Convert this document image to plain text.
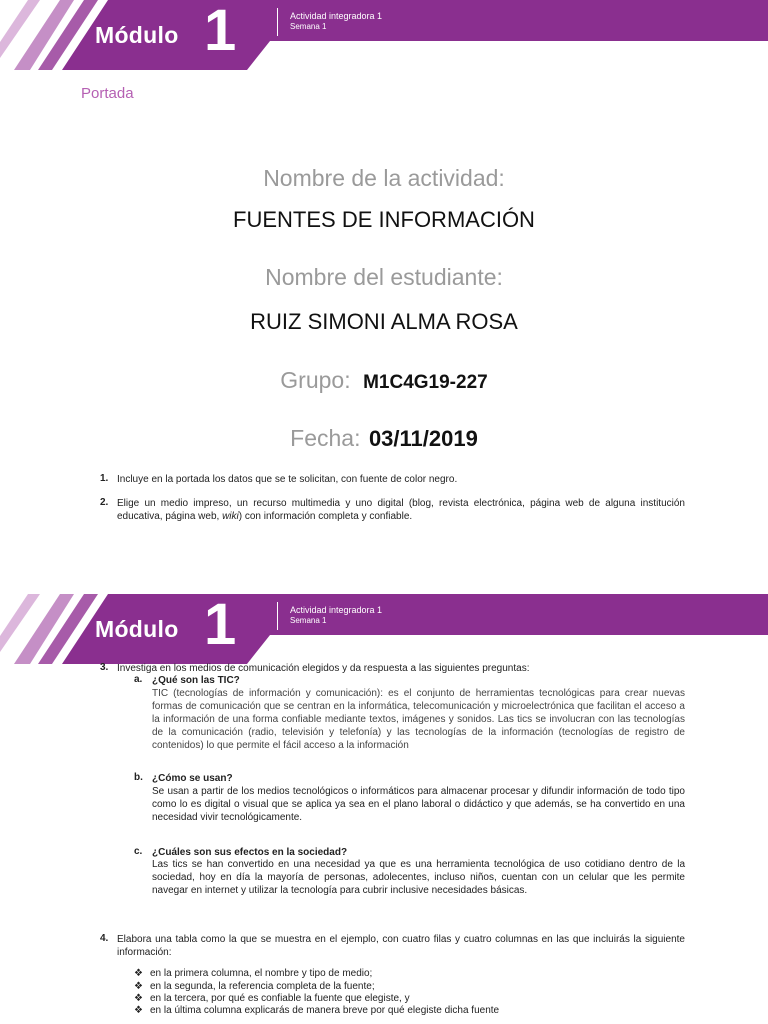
Módulo 1	Actividad integradora 1
Semana 1
Portada
Nombre de la actividad:
FUENTES DE INFORMACIÓN
Nombre del estudiante:
RUIZ SIMONI ALMA ROSA
Grupo: M1C4G19-227
Fecha: 03/11/2019
1. Incluye en la portada los datos que se te solicitan, con fuente de color negro.
2. Elige un medio impreso, un recurso multimedia y uno digital (blog, revista electrónica, página web de alguna institución educativa, página web, wiki) con información completa y confiable.
Módulo 1	Actividad integradora 1
Semana 1
3. Investiga en los medios de comunicación elegidos y da respuesta a las siguientes preguntas:
a. ¿Qué son las TIC?
TIC (tecnologías de información y comunicación): es el conjunto de herramientas tecnológicas para crear nuevas formas de comunicación que se centran en la informática, telecomunicación y microelectrónica que facilitan el acceso a la información de una forma confiable mediante textos, imágenes y sonidos. Las tics se involucran con las tecnologías de la comunicación (radio, televisión y telefonía) y las tecnologías de la información (tecnologías de registro de contenidos) lo que permite el fácil acceso a la información
b. ¿Cómo se usan?
Se usan a partir de los medios tecnológicos o informáticos para almacenar procesar y difundir información de todo tipo como lo es digital o visual que se aplica ya sea en el plano laboral o didáctico y que además, se ha convertido en una necesidad vivir tecnológicamente.
c. ¿Cuáles son sus efectos en la sociedad?
Las tics se han convertido en una necesidad ya que es una herramienta tecnológica de uso cotidiano dentro de la sociedad, hoy en día la mayoría de personas, adolecentes, incluso niños, cuentan con un celular que les permite navegar en internet y utilizar la tecnología para cubrir inclusive necesidades básicas.
4. Elabora una tabla como la que se muestra en el ejemplo, con cuatro filas y cuatro columnas en las que incluirás la siguiente información:
❖ en la primera columna, el nombre y tipo de medio;
❖ en la segunda, la referencia completa de la fuente;
❖ en la tercera, por qué es confiable la fuente que elegiste, y
❖ en la última columna explicarás de manera breve por qué elegiste dicha fuente
